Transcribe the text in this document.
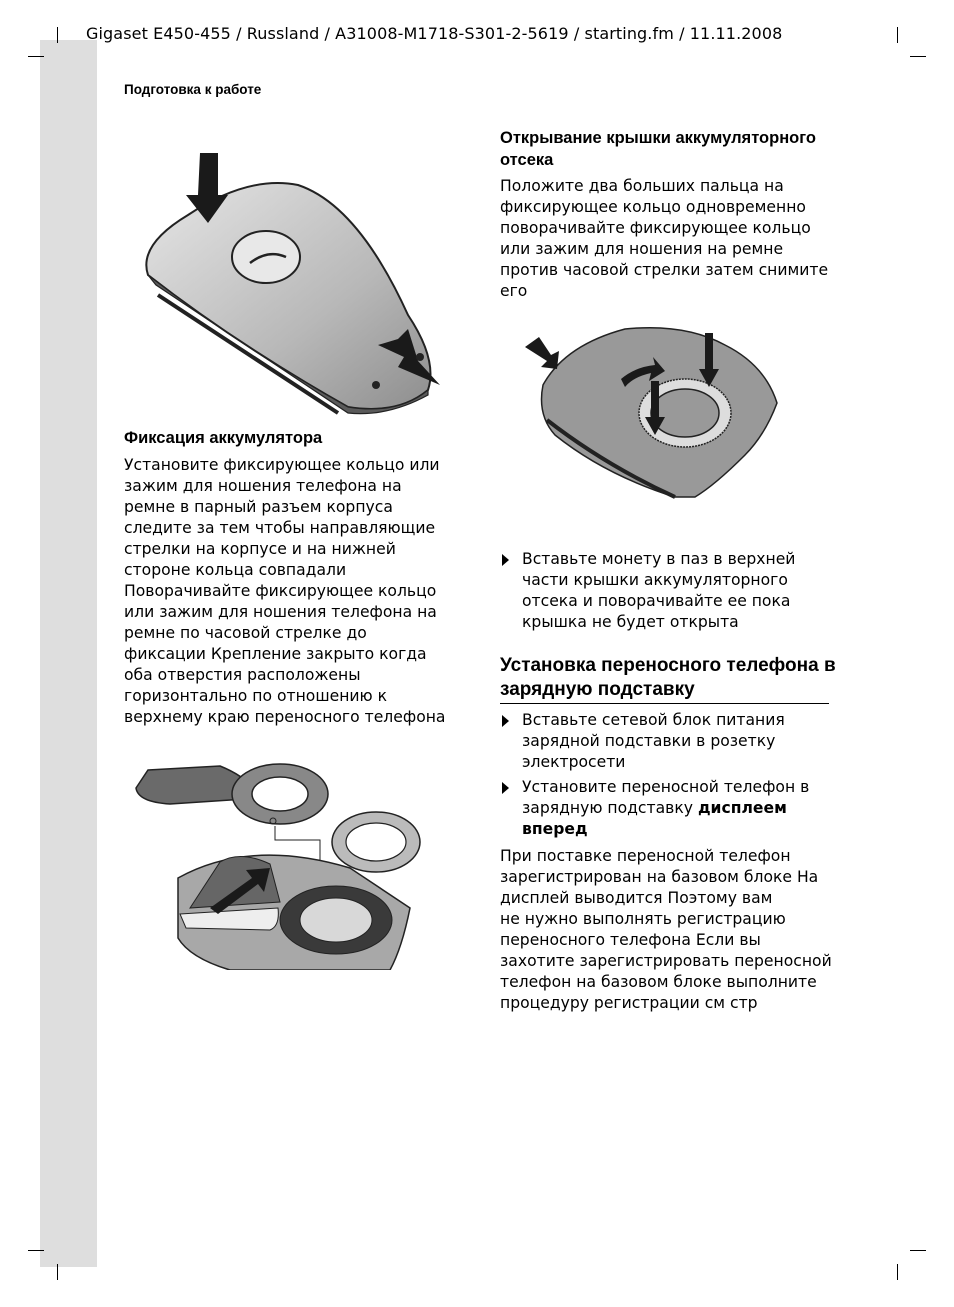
Gigaset E450-455 / Russland / A31008-M1718-S301-2-5619 / starting.fm / 11.11.2008
Подготовка к работе
Фиксация аккумулятора
Установите фиксирующее кольцо или
зажим для ношения телефона на
ремне в парный разъем корпуса
следите за тем чтобы направляющие
стрелки на корпусе и на нижней
стороне кольца совпадали
Поворачивайте фиксирующее кольцо
или зажим для ношения телефона на
ремне по часовой стрелке до
фиксации Крепление закрыто когда
оба отверстия расположены
горизонтально по отношению к
верхнему краю переносного телефона
Открывание крышки аккумуляторного
отсека
Положите два больших пальца на
фиксирующее кольцо одновременно
поворачивайте фиксирующее кольцо
или зажим для ношения на ремне
против часовой стрелки затем снимите
его
Вставьте монету в паз в верхней
части крышки аккумуляторного
отсека и поворачивайте ее пока
крышка не будет открыта
Установка переносного телефона в
зарядную подставку
Вставьте сетевой блок питания
зарядной подставки в розетку
электросети
Установите переносной телефон в
зарядную подставку дисплеем
вперед
При поставке переносной телефон
зарегистрирован на базовом блоке На
дисплей выводится Поэтому вам
не нужно выполнять регистрацию
переносного телефона Если вы
захотите зарегистрировать переносной
телефон на базовом блоке выполните
процедуру регистрации см стр
